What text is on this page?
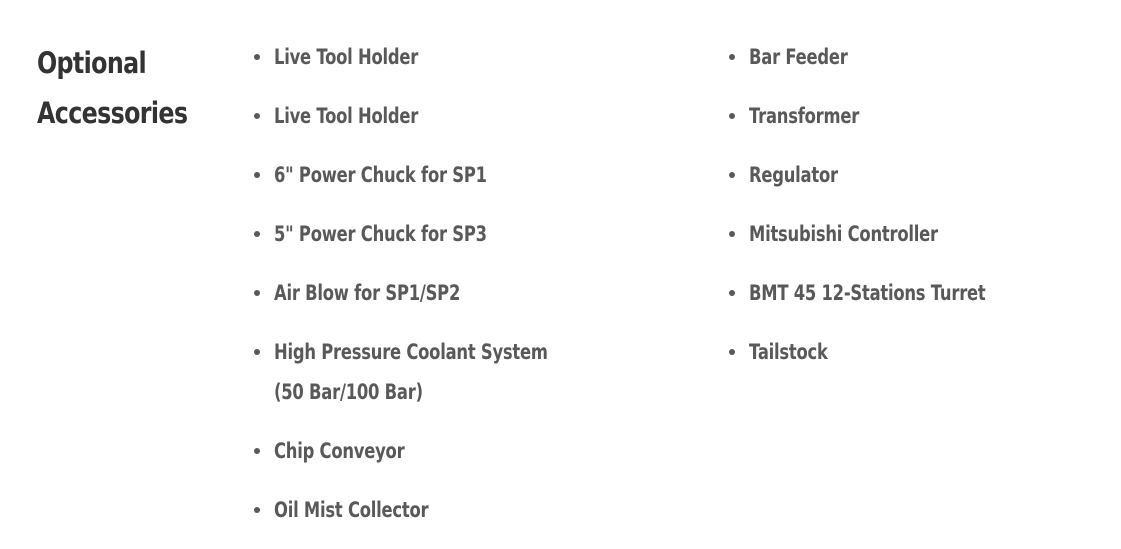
Optional
Accessories
Live Tool Holder
Live Tool Holder
6" Power Chuck for SP1
5" Power Chuck for SP3
Air Blow for SP1/SP2
High Pressure Coolant System
(50 Bar/100 Bar)
Chip Conveyor
Oil Mist Collector
Bar Feeder
Transformer
Regulator
Mitsubishi Controller
BMT 45 12-Stations Turret
Tailstock
